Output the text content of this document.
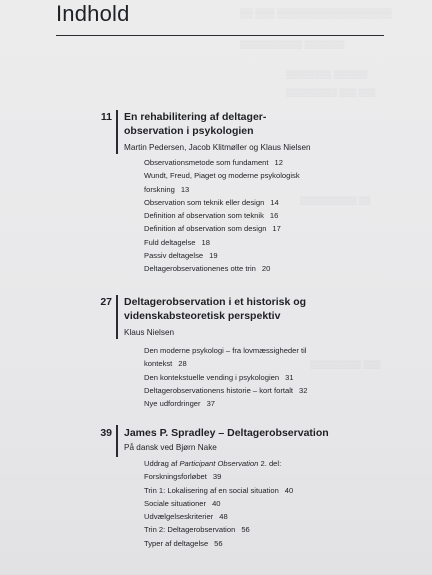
▒▒ ▒▒▒ ▒▒▒▒▒▒▒▒▒▒▒▒▒▒▒▒▒▒
▒▒▒▒▒▒▒▒▒▒▒ ▒▒▒▒▒▒▒
▒▒▒▒▒▒▒▒ ▒▒▒▒▒▒
▒▒▒▒▒▒▒▒▒ ▒▒▒ ▒▒▒
▒▒▒▒▒▒▒▒▒▒ ▒▒
▒▒▒▒▒▒▒▒▒ ▒▒▒
Indhold
11 En rehabilitering af deltager-
observation i psykologien
Martin Pedersen, Jacob Klitmøller og Klaus Nielsen
Observationsmetode som fundament 12
Wundt, Freud, Piaget og moderne psykologisk
forskning 13
Observation som teknik eller design 14
Definition af observation som teknik 16
Definition af observation som design 17
Fuld deltagelse 18
Passiv deltagelse 19
Deltagerobservationenes otte trin 20
27 Deltagerobservation i et historisk og
videnskabsteoretisk perspektiv
Klaus Nielsen
Den moderne psykologi – fra lovmæssigheder til
kontekst 28
Den kontekstuelle vending i psykologien 31
Deltagerobservationens historie – kort fortalt 32
Nye udfordringer 37
39 James P. Spradley – Deltagerobservation
På dansk ved Bjørn Nake
Uddrag af Participant Observation 2. del:
Forskningsforløbet 39
Trin 1: Lokalisering af en social situation 40
Sociale situationer 40
Udvælgelseskriterier 48
Trin 2: Deltagerobservation 56
Typer af deltagelse 56
